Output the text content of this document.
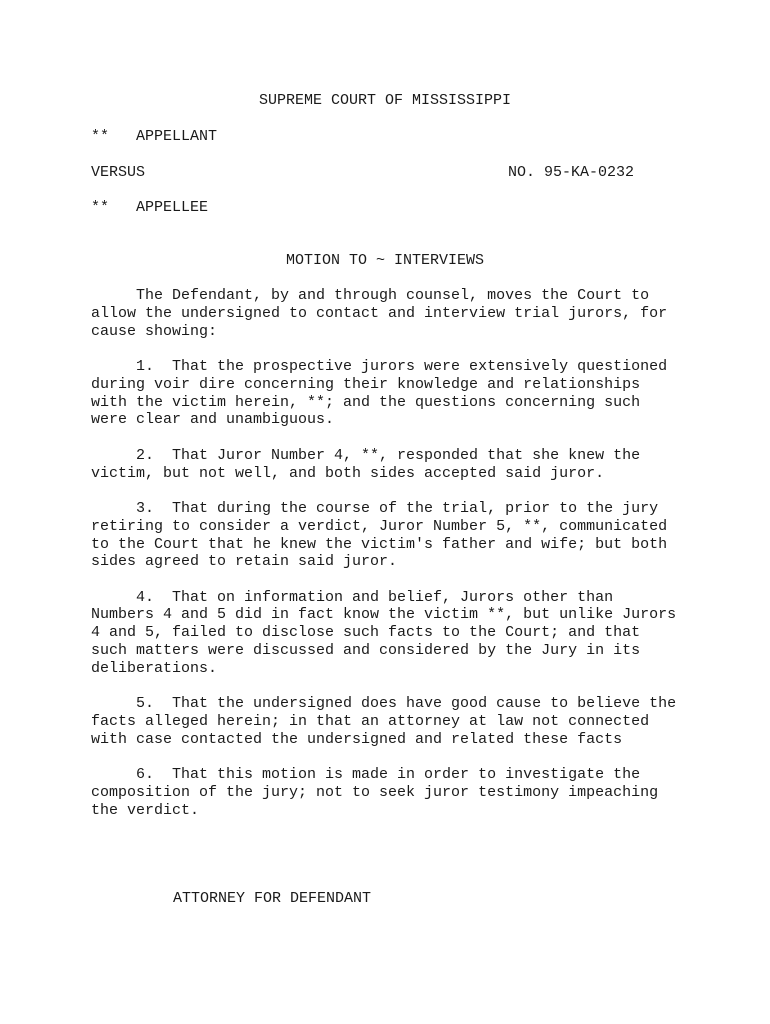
SUPREME COURT OF MISSISSIPPI
** APPELLANT
VERSUS	NO. 95-KA-0232
** APPELLEE
MOTION TO ~ INTERVIEWS
The Defendant, by and through counsel, moves the Court to
allow the undersigned to contact and interview trial jurors, for
cause showing:
1.  That the prospective jurors were extensively questioned
during voir dire concerning their knowledge and relationships
with the victim herein, **; and the questions concerning such
were clear and unambiguous.
2.  That Juror Number 4, **, responded that she knew the
victim, but not well, and both sides accepted said juror.
3.  That during the course of the trial, prior to the jury
retiring to consider a verdict, Juror Number 5, **, communicated
to the Court that he knew the victim's father and wife; but both
sides agreed to retain said juror.
4.  That on information and belief, Jurors other than
Numbers 4 and 5 did in fact know the victim **, but unlike Jurors
4 and 5, failed to disclose such facts to the Court; and that
such matters were discussed and considered by the Jury in its
deliberations.
5.  That the undersigned does have good cause to believe the
facts alleged herein; in that an attorney at law not connected
with case contacted the undersigned and related these facts
6.  That this motion is made in order to investigate the
composition of the jury; not to seek juror testimony impeaching
the verdict.
ATTORNEY FOR DEFENDANT
